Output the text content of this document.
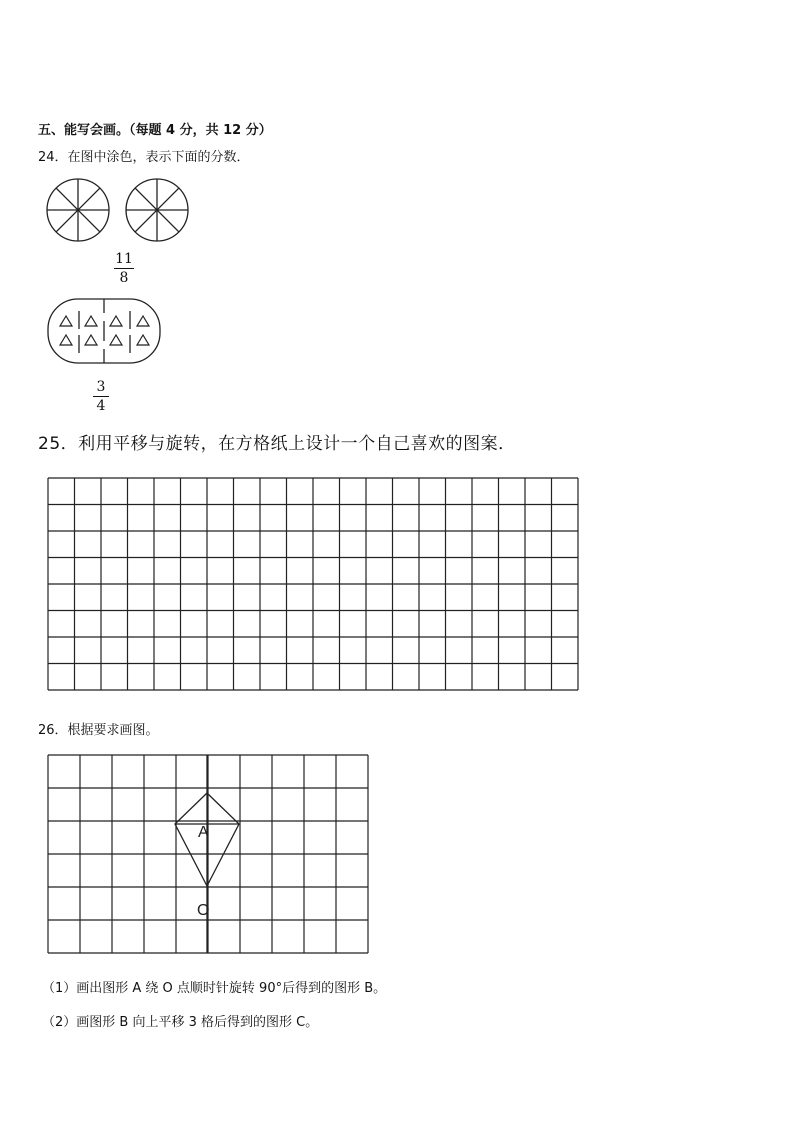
五、能写会画。（每题 4 分，共 12 分）
24．在图中涂色，表示下面的分数．
11
8
3
4
25．利用平移与旋转，在方格纸上设计一个自己喜欢的图案．
26．根据要求画图。
A
O
（1）画出图形 A 绕 O 点顺时针旋转 90°后得到的图形 B。
（2）画图形 B 向上平移 3 格后得到的图形 C。
